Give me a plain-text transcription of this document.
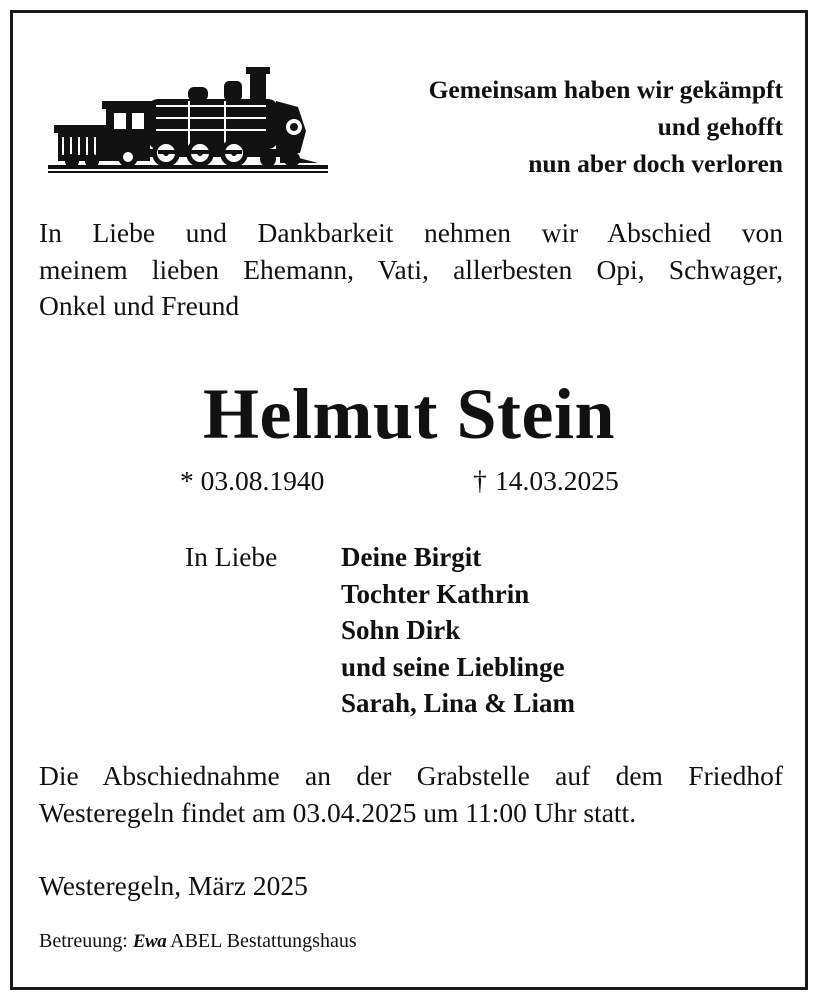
Gemeinsam haben wir gekämpft
und gehofft
nun aber doch verloren
In Liebe und Dankbarkeit nehmen wir Abschied von
meinem lieben Ehemann, Vati, allerbesten Opi, Schwager,
Onkel und Freund
Helmut Stein
* 03.08.1940	† 14.03.2025
In Liebe Deine Birgit
Tochter Kathrin
Sohn Dirk
und seine Lieblinge
Sarah, Lina & Liam
Die Abschiednahme an der Grabstelle auf dem Friedhof
Westeregeln findet am 03.04.2025 um 11:00 Uhr statt.
Westeregeln, März 2025
Betreuung: Ewa ABEL Bestattungshaus
